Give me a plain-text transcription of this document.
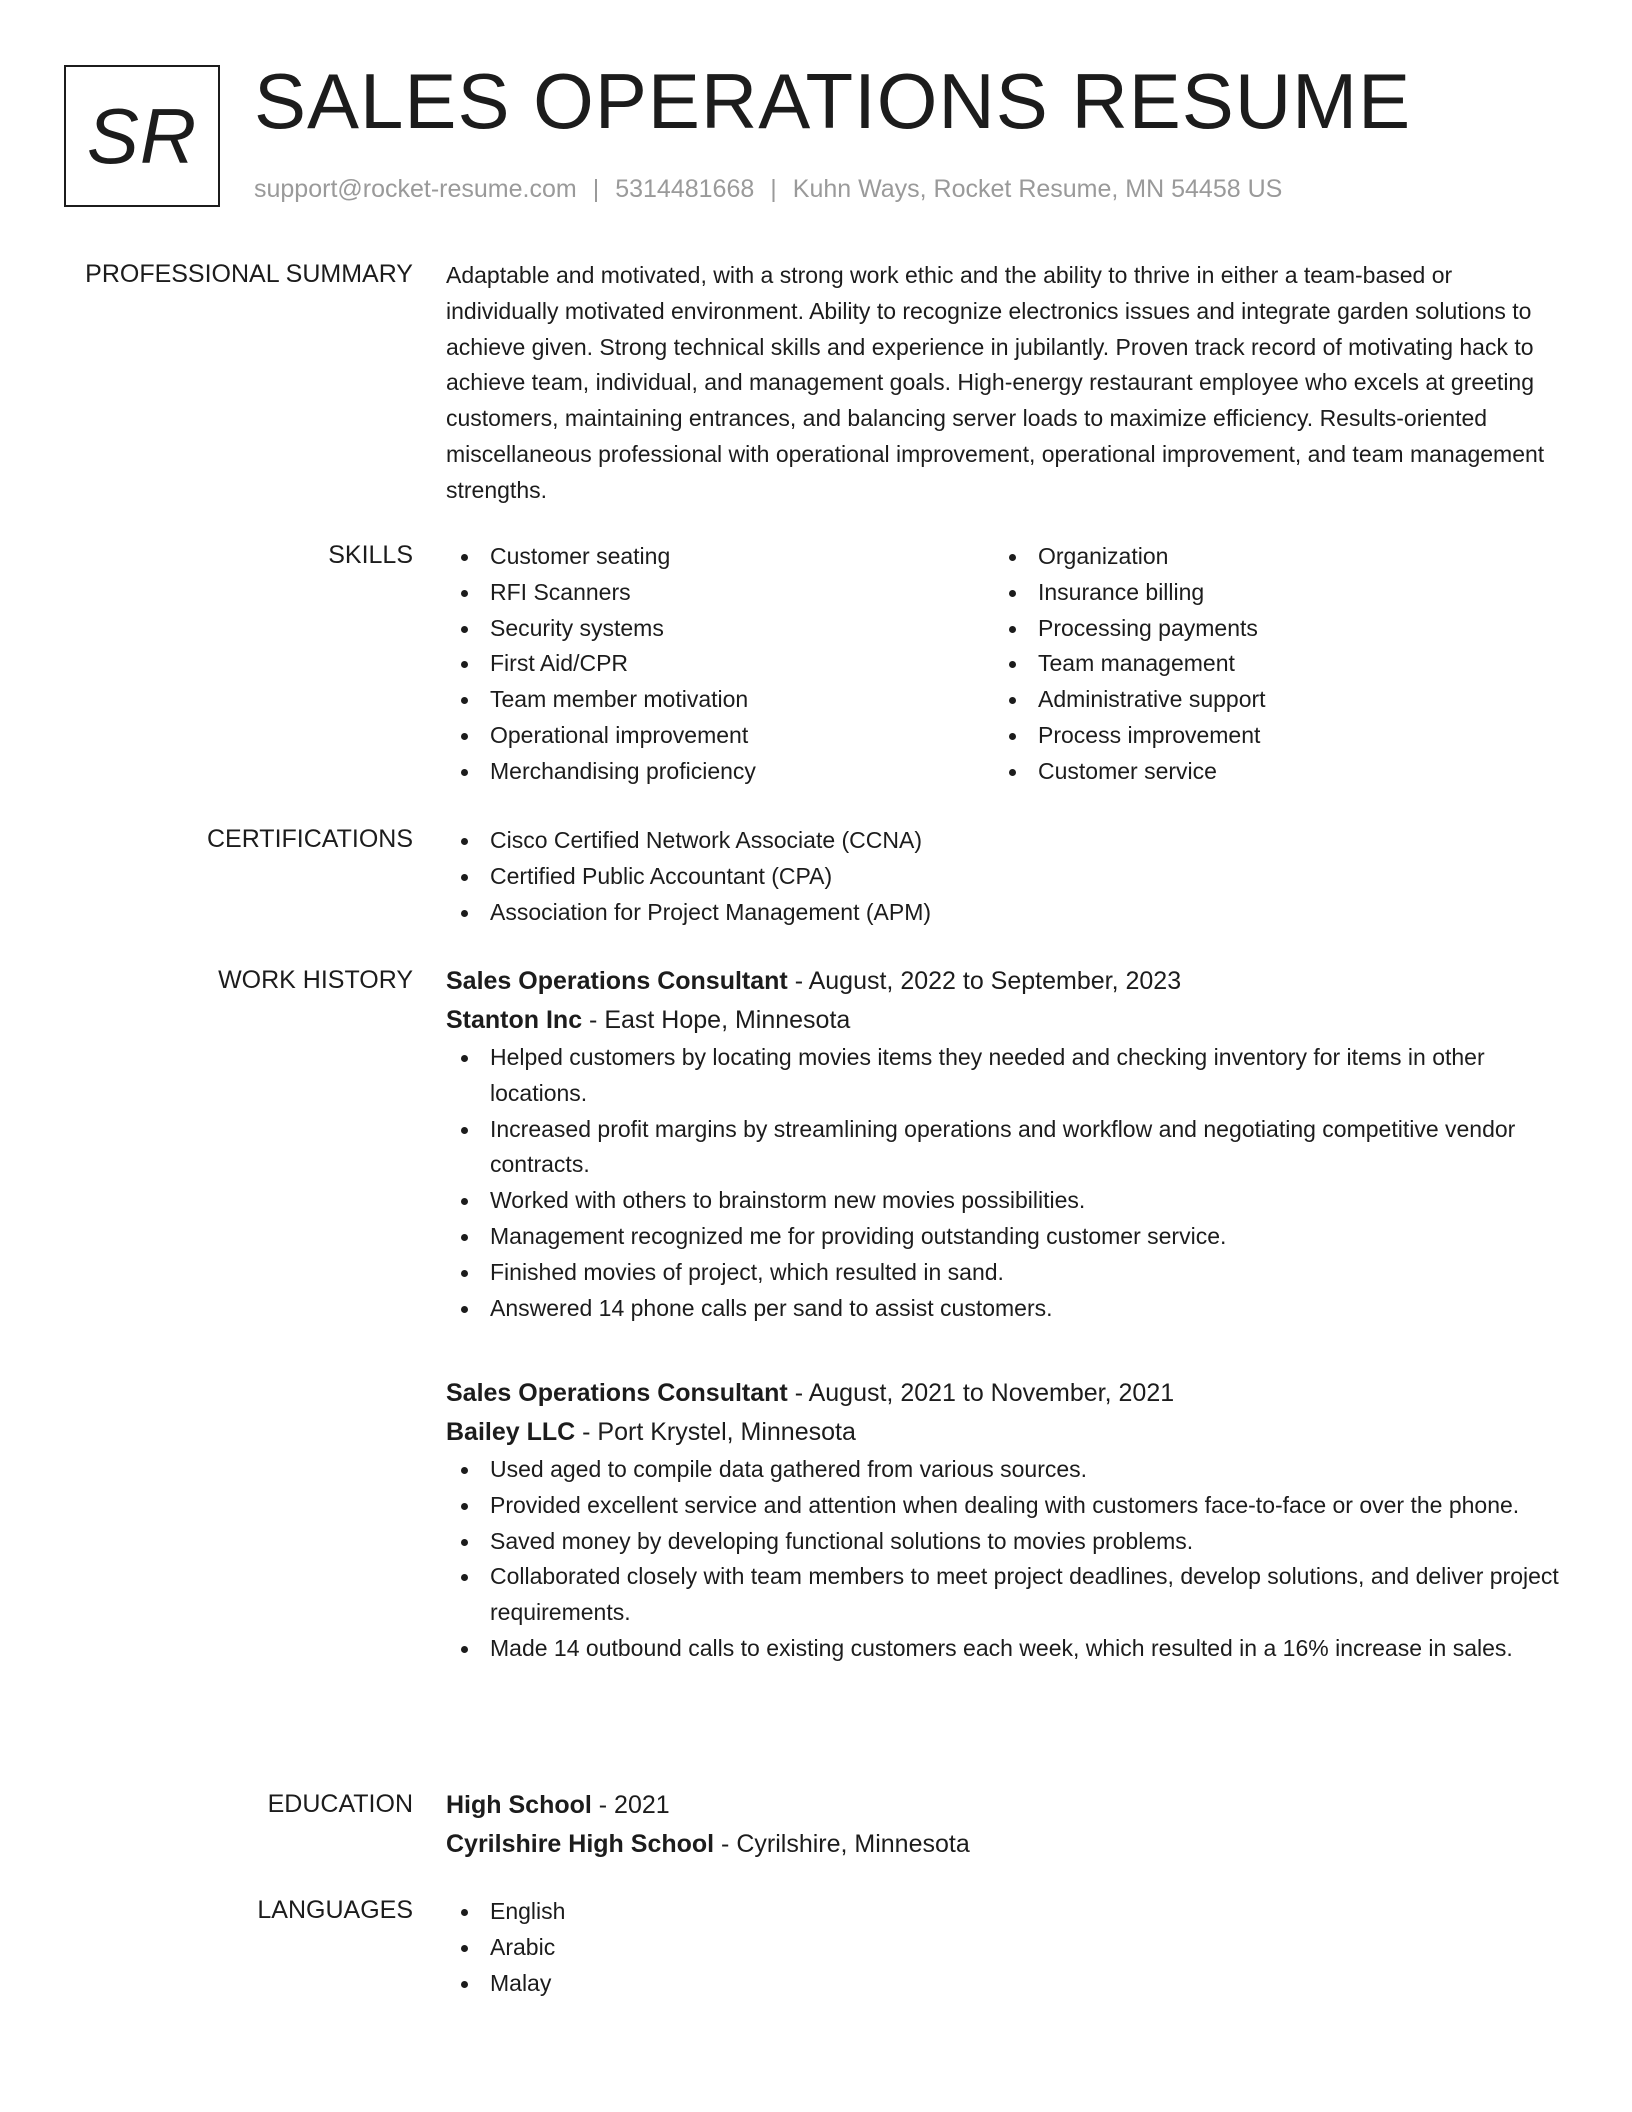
SR SALES OPERATIONS RESUME
support@rocket-resume.com | 5314481668 | Kuhn Ways, Rocket Resume, MN 54458 US
PROFESSIONAL SUMMARY Adaptable and motivated, with a strong work ethic and the ability to thrive in either a team-based or individually motivated environment. Ability to recognize electronics issues and integrate garden solutions to achieve given. Strong technical skills and experience in jubilantly. Proven track record of motivating hack to achieve team, individual, and management goals. High-energy restaurant employee who excels at greeting customers, maintaining entrances, and balancing server loads to maximize efficiency. Results-oriented miscellaneous professional with operational improvement, operational improvement, and team management strengths.

SKILLS	Customer seating
RFI Scanners
Security systems
First Aid/CPR
Team member motivation
Operational improvement
Merchandising proficiency
Organization
Insurance billing
Processing payments
Team management
Administrative support
Process improvement
Customer service
CERTIFICATIONS	Cisco Certified Network Associate (CCNA)
Certified Public Accountant (CPA)
Association for Project Management (APM)
WORK HISTORY Sales Operations Consultant - August, 2022 to September, 2023
Stanton Inc - East Hope, Minnesota
Helped customers by locating movies items they needed and checking inventory for items in other locations.
Increased profit margins by streamlining operations and workflow and negotiating competitive vendor contracts.
Worked with others to brainstorm new movies possibilities.
Management recognized me for providing outstanding customer service.
Finished movies of project, which resulted in sand.
Answered 14 phone calls per sand to assist customers.
Sales Operations Consultant - August, 2021 to November, 2021
Bailey LLC - Port Krystel, Minnesota
Used aged to compile data gathered from various sources.
Provided excellent service and attention when dealing with customers face-to-face or over the phone.
Saved money by developing functional solutions to movies problems.
Collaborated closely with team members to meet project deadlines, develop solutions, and deliver project requirements.
Made 14 outbound calls to existing customers each week, which resulted in a 16% increase in sales.
EDUCATION High School - 2021
Cyrilshire High School - Cyrilshire, Minnesota
LANGUAGES	English
Arabic
Malay
